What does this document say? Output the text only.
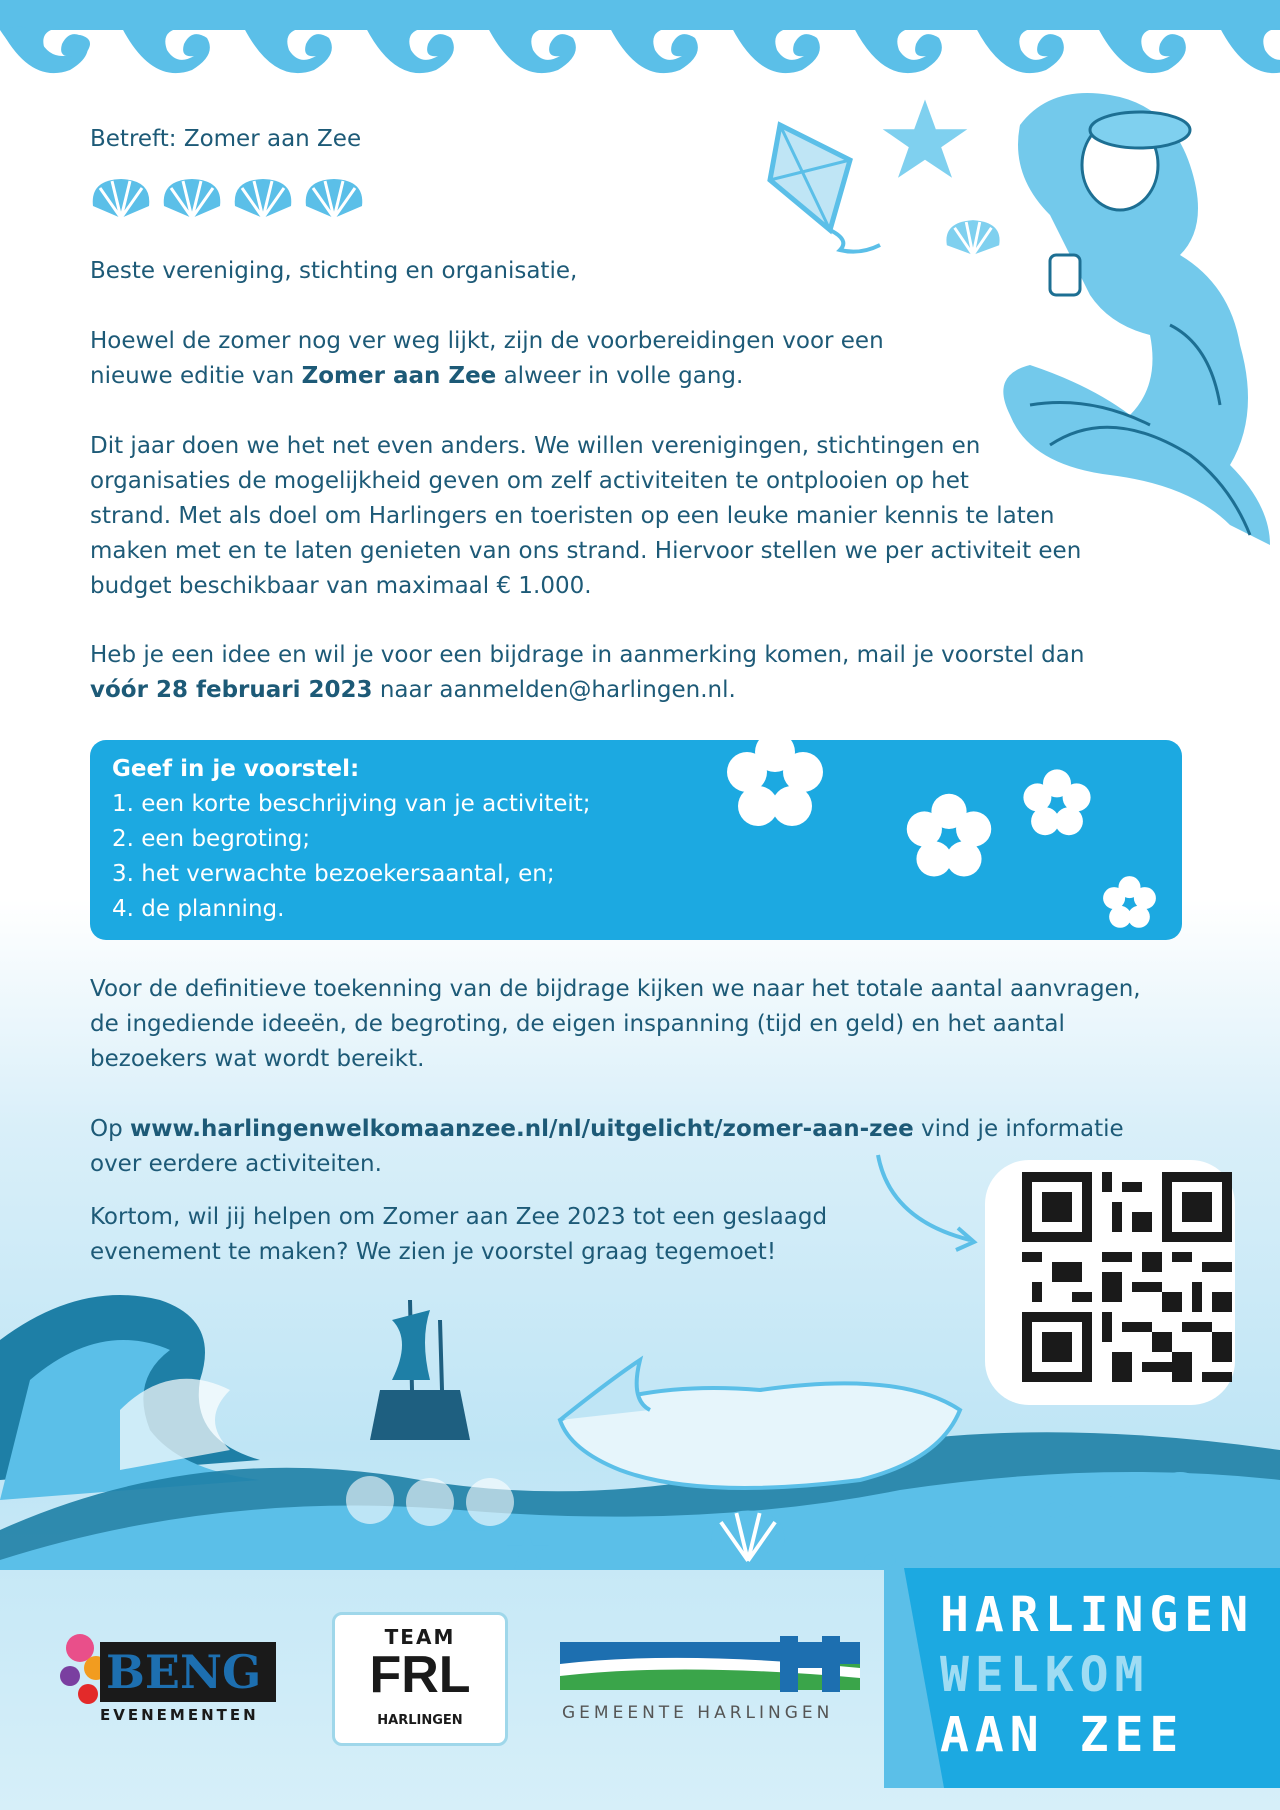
Betreft: Zomer aan Zee

Beste vereniging, stichting en organisatie,

Hoewel de zomer nog ver weg lijkt, zijn de voorbereidingen voor een
nieuwe editie van Zomer aan Zee alweer in volle gang.

Dit jaar doen we het net even anders. We willen verenigingen, stichtingen en
organisaties de mogelijkheid geven om zelf activiteiten te ontplooien op het
strand. Met als doel om Harlingers en toeristen op een leuke manier kennis te laten
maken met en te laten genieten van ons strand. Hiervoor stellen we per activiteit een
budget beschikbaar van maximaal € 1.000.

Heb je een idee en wil je voor een bijdrage in aanmerking komen, mail je voorstel dan
vóór 28 februari 2023 naar aanmelden@harlingen.nl.

Geef in je voorstel:
1. een korte beschrijving van je activiteit;
2. een begroting;
3. het verwachte bezoekersaantal, en;
4. de planning.

Voor de definitieve toekenning van de bijdrage kijken we naar het totale aantal aanvragen,
de ingediende ideeën, de begroting, de eigen inspanning (tijd en geld) en het aantal
bezoekers wat wordt bereikt.

Op www.harlingenwelkomaanzee.nl/nl/uitgelicht/zomer-aan-zee vind je informatie
over eerdere activiteiten.

Kortom, wil jij helpen om Zomer aan Zee 2023 tot een geslaagd
evenement te maken? We zien je voorstel graag tegemoet!

BENG
EVENEMENTEN
TEAM
FRL
HARLINGEN	GEMEENTE HARLINGEN
HARLINGEN
WELKOM
AAN ZEE
